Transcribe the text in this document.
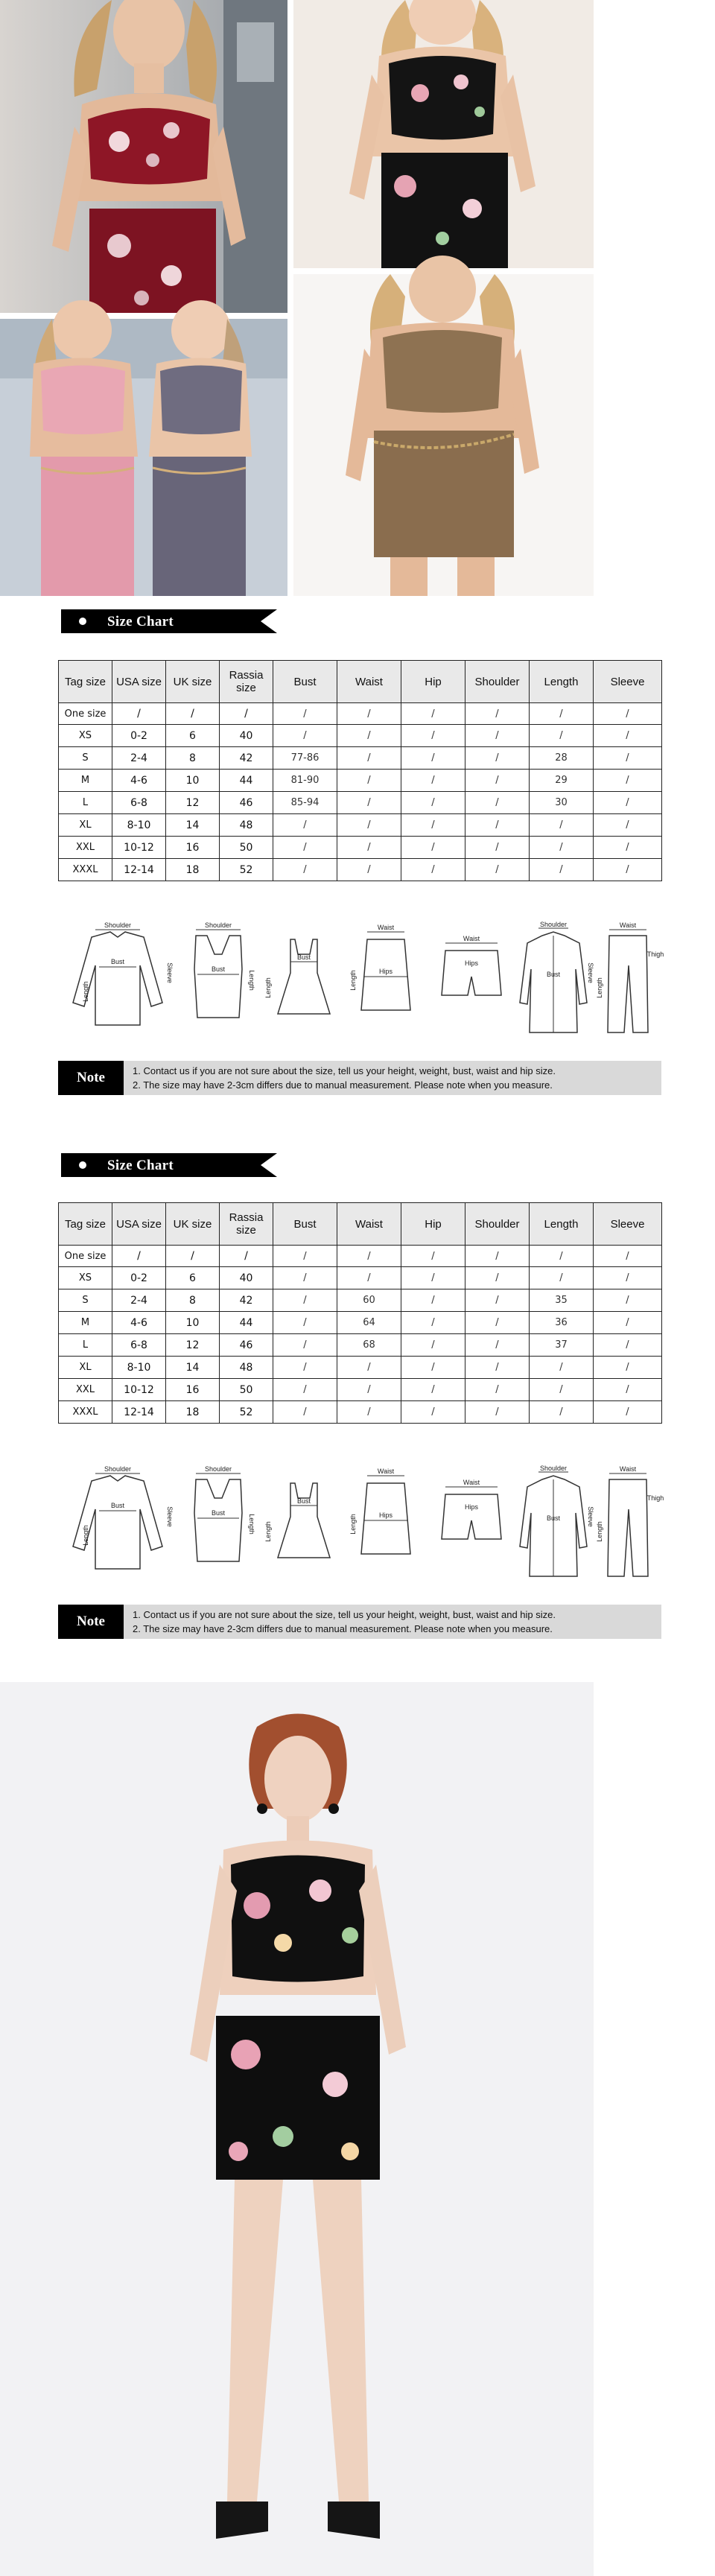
Size Chart
Tag size	USA size	UK size	Rassia size	Bust	Waist	Hip	Shoulder	Length	Sleeve
One size	/	/	/	/	/	/	/	/	/
XS	0-2	6	40	/	/	/	/	/	/
S	2-4	8	42	77-86	/	/	/	28	/
M	4-6	10	44	81-90	/	/	/	29	/
L	6-8	12	46	85-94	/	/	/	30	/
XL	8-10	14	48	/	/	/	/	/	/
XXL	10-12	16	50	/	/	/	/	/	/
XXXL	12-14	18	52	/	/	/	/	/	/
Shoulder
Bust
Length
Sleeve
Shoulder
Bust
Length
Bust
Length
Waist
Hips
Length
Waist
Hips
Shoulder
Bust	Sleeve
Waist
Thigh
Length
Note	1. Contact us if you are not sure about the size, tell us your height, weight, bust, waist and hip size.
2. The size may have 2-3cm differs due to manual measurement. Please note when you measure.
Size Chart
Tag size	USA size	UK size	Rassia size	Bust	Waist	Hip	Shoulder	Length	Sleeve
One size	/	/	/	/	/	/	/	/	/
XS	0-2	6	40	/	/	/	/	/	/
S	2-4	8	42	/	60	/	/	35	/
M	4-6	10	44	/	64	/	/	36	/
L	6-8	12	46	/	68	/	/	37	/
XL	8-10	14	48	/	/	/	/	/	/
XXL	10-12	16	50	/	/	/	/	/	/
XXXL	12-14	18	52	/	/	/	/	/	/
Shoulder
Bust
Length
Sleeve
Shoulder
Bust
Length
Bust
Length
Waist
Hips
Length
Waist
Hips
Shoulder
Bust	Sleeve
Waist
Thigh
Length
Note	1. Contact us if you are not sure about the size, tell us your height, weight, bust, waist and hip size.
2. The size may have 2-3cm differs due to manual measurement. Please note when you measure.
